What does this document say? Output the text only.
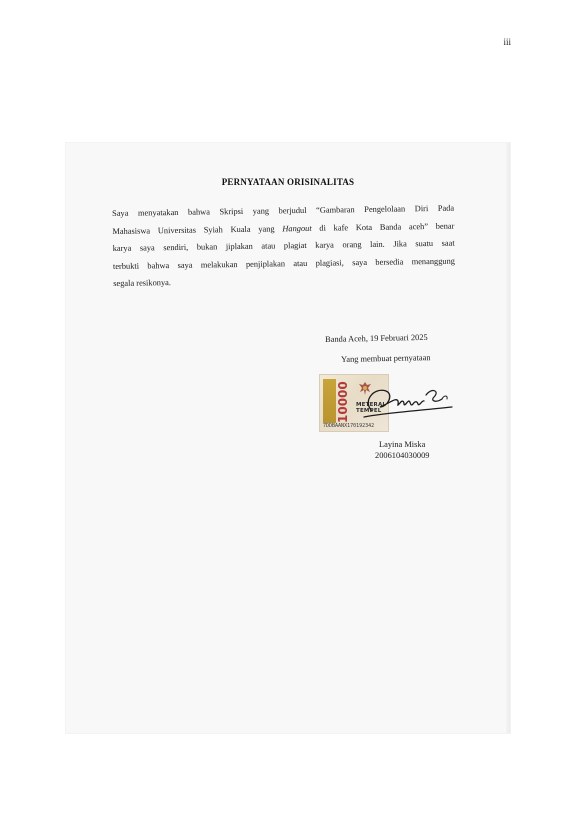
iii
PERNYATAAN ORISINALITAS

Saya menyatakan bahwa Skripsi yang berjudul “Gambaran Pengelolaan Diri Pada
Mahasiswa Universitas Syiah Kuala yang Hangout di kafe Kota Banda aceh” benar
karya saya sendiri, bukan jiplakan atau plagiat karya orang lain. Jika suatu saat
terbukti bahwa saya melakukan penjiplakan atau plagiasi, saya bersedia menanggung
segala resikonya.

Banda Aceh, 19 Februari 2025
Yang membuat pernyataan
10000	METERAI
TEMPEL
7DDBAANX170192342
Layina Miska
2006104030009
